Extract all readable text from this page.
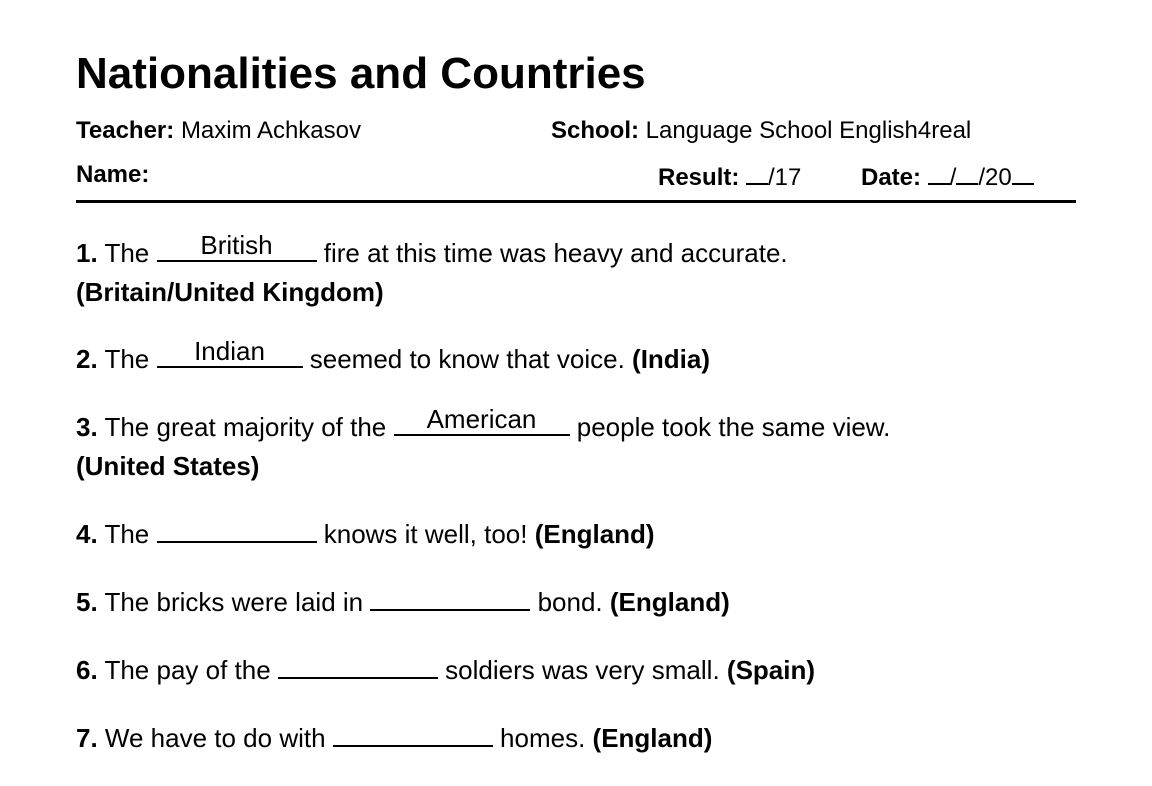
Nationalities and Countries
Teacher: Maxim Achkasov	School: Language School English4real
Name:	Result: /17 Date: / /20
1. The	British	fire at this time was heavy and accurate.
(Britain/United Kingdom)
2. The	Indian	seemed to know that voice. (India)
3. The great majority of the	American	people took the same view.
(United States)
4. The	knows it well, too! (England)
5. The bricks were laid in	bond. (England)
6. The pay of the	soldiers was very small. (Spain)
7. We have to do with	homes. (England)
